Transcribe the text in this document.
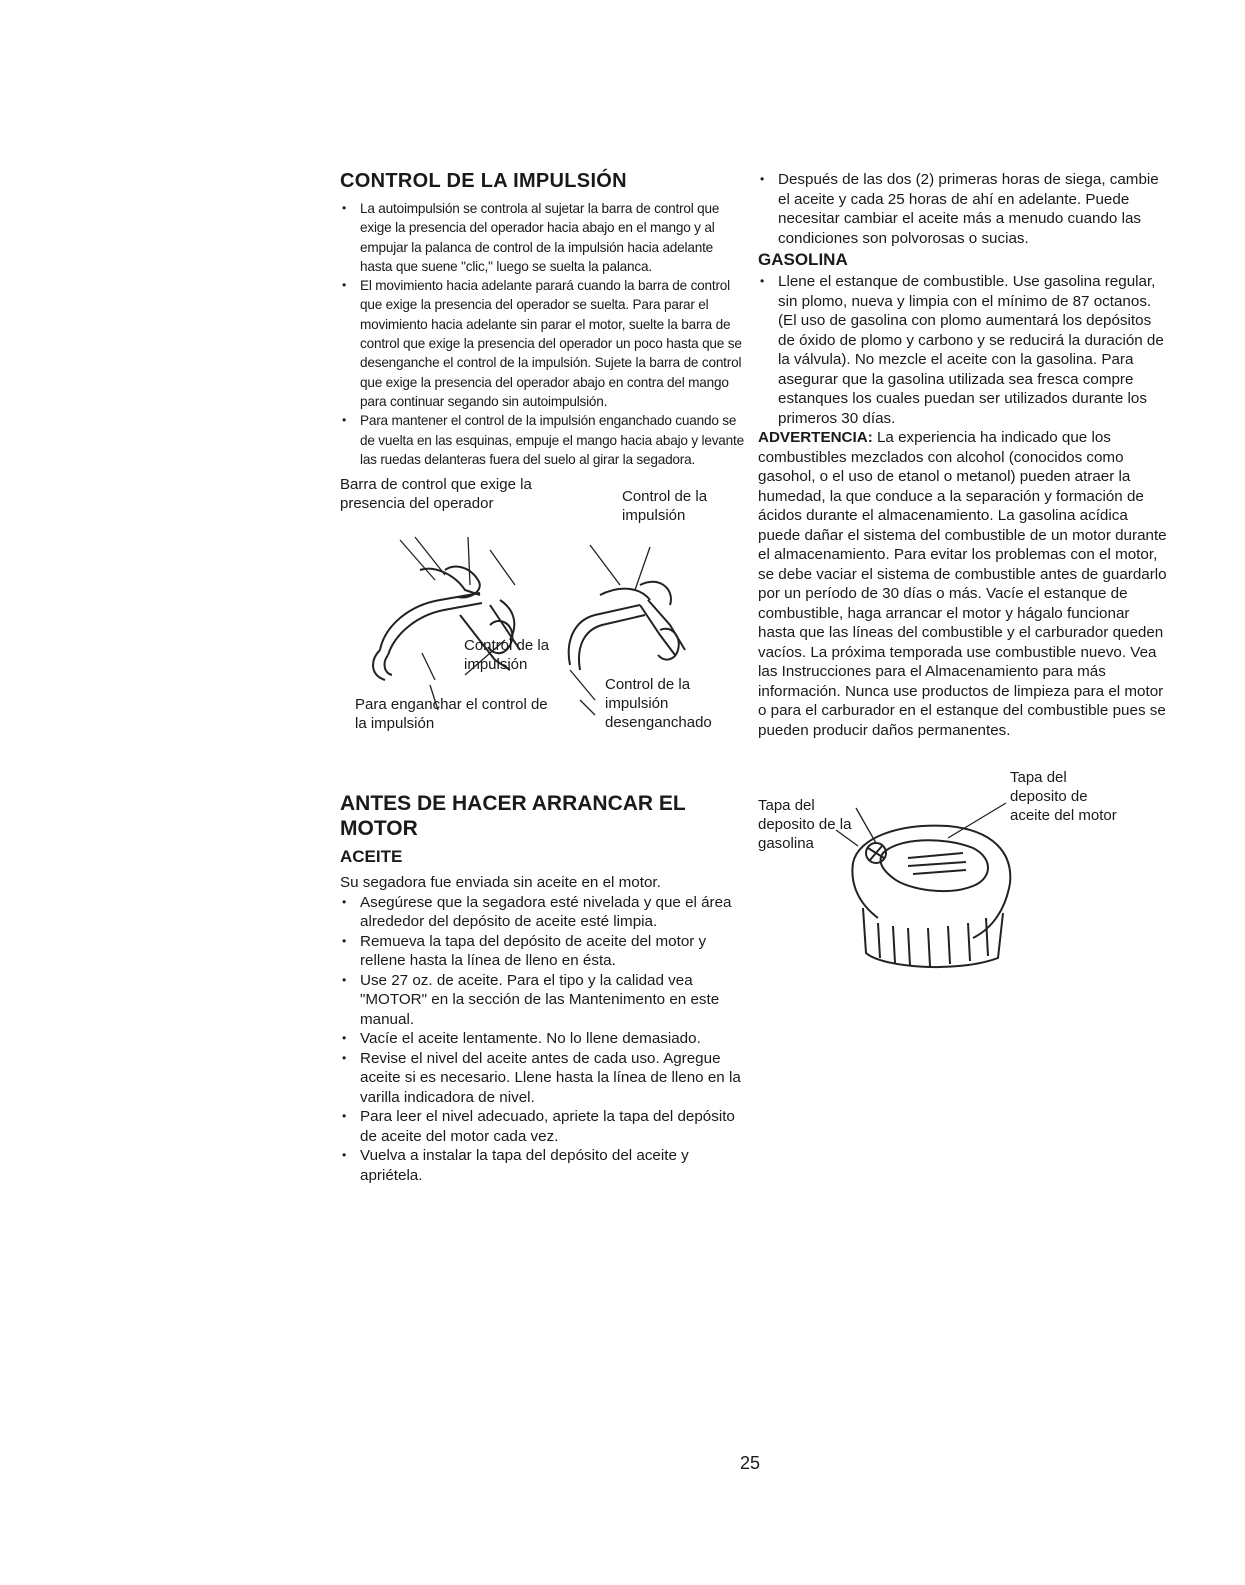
CONTROL DE LA IMPULSIÓN
• La autoimpulsión se controla al sujetar la barra de control que exige la presencia del operador hacia abajo en el mango y al empujar la palanca de control de la impulsión hacia adelante hasta que suene "clic," luego se suelta la palanca.
• El movimiento hacia adelante parará cuando la barra de control que exige la presencia del operador se suelta. Para parar el movimiento hacia adelante sin parar el motor, suelte la barra de control que exige la presencia del operador un poco hasta que se desenganche el control de la impulsión. Sujete la barra de control que exige la presencia del operador abajo en contra del mango para continuar segando sin autoimpulsión.
• Para mantener el control de la impulsión enganchado cuando se de vuelta en las esquinas, empuje el mango hacia abajo y levante las ruedas delanteras fuera del suelo al girar la segadora.
Barra de control que exige la presencia del operador	Control de la impulsión
Control de la impulsión
Para enganchar el control de la impulsión
Control de la impulsión desenganchado
ANTES DE HACER ARRANCAR EL MOTOR
ACEITE

Su segadora fue enviada sin aceite en el motor.

• Asegúrese que la segadora esté nivelada y que el área alrededor del depósito de aceite esté limpia.
• Remueva la tapa del depósito de aceite del motor y rellene hasta la línea de lleno en ésta.
• Use 27 oz. de aceite. Para el tipo y la calidad vea "MOTOR" en la sección de las Mantenimento en este manual.
• Vacíe el aceite lentamente. No lo llene demasiado.
• Revise el nivel del aceite antes de cada uso. Agregue aceite si es necesario. Llene hasta la línea de lleno en la varilla indicadora de nivel.
• Para leer el nivel adecuado, apriete la tapa del depósito de aceite del motor cada vez.
• Vuelva a instalar la tapa del depósito del aceite y apriétela.
• Después de las dos (2) primeras horas de siega, cambie el aceite y cada 25 horas de ahí en adelante. Puede necesitar cambiar el aceite más a menudo cuando las condiciones son polvorosas o sucias.
GASOLINA
• Llene el estanque de combustible. Use gasolina regular, sin plomo, nueva y limpia con el mínimo de 87 octanos. (El uso de gasolina con plomo aumentará los depósitos de óxido de plomo y carbono y se reducirá la duración de la válvula). No mezcle el aceite con la gasolina. Para asegurar que la gasolina utilizada sea fresca compre estanques los cuales puedan ser utilizados durante los primeros 30 días.

ADVERTENCIA: La experiencia ha indicado que los combustibles mezclados con alcohol (conocidos como gasohol, o el uso de etanol o metanol) pueden atraer la humedad, la que conduce a la separación y formación de ácidos durante el almacenamiento. La gasolina acídica puede dañar el sistema del combustible de un motor durante el almacenamiento. Para evitar los problemas con el motor, se debe vaciar el sistema de combustible antes de guardarlo por un período de 30 días o más. Vacíe el estanque de combustible, haga arrancar el motor y hágalo funcionar hasta que las líneas del combustible y el carburador queden vacíos. La próxima temporada use combustible nuevo. Vea las Instrucciones para el Almacenamiento para más información. Nunca use productos de limpieza para el motor o para el carburador en el estanque del combustible pues se pueden producir daños permanentes.

Tapa del deposito de la gasolina
Tapa del deposito de aceite del motor
25
